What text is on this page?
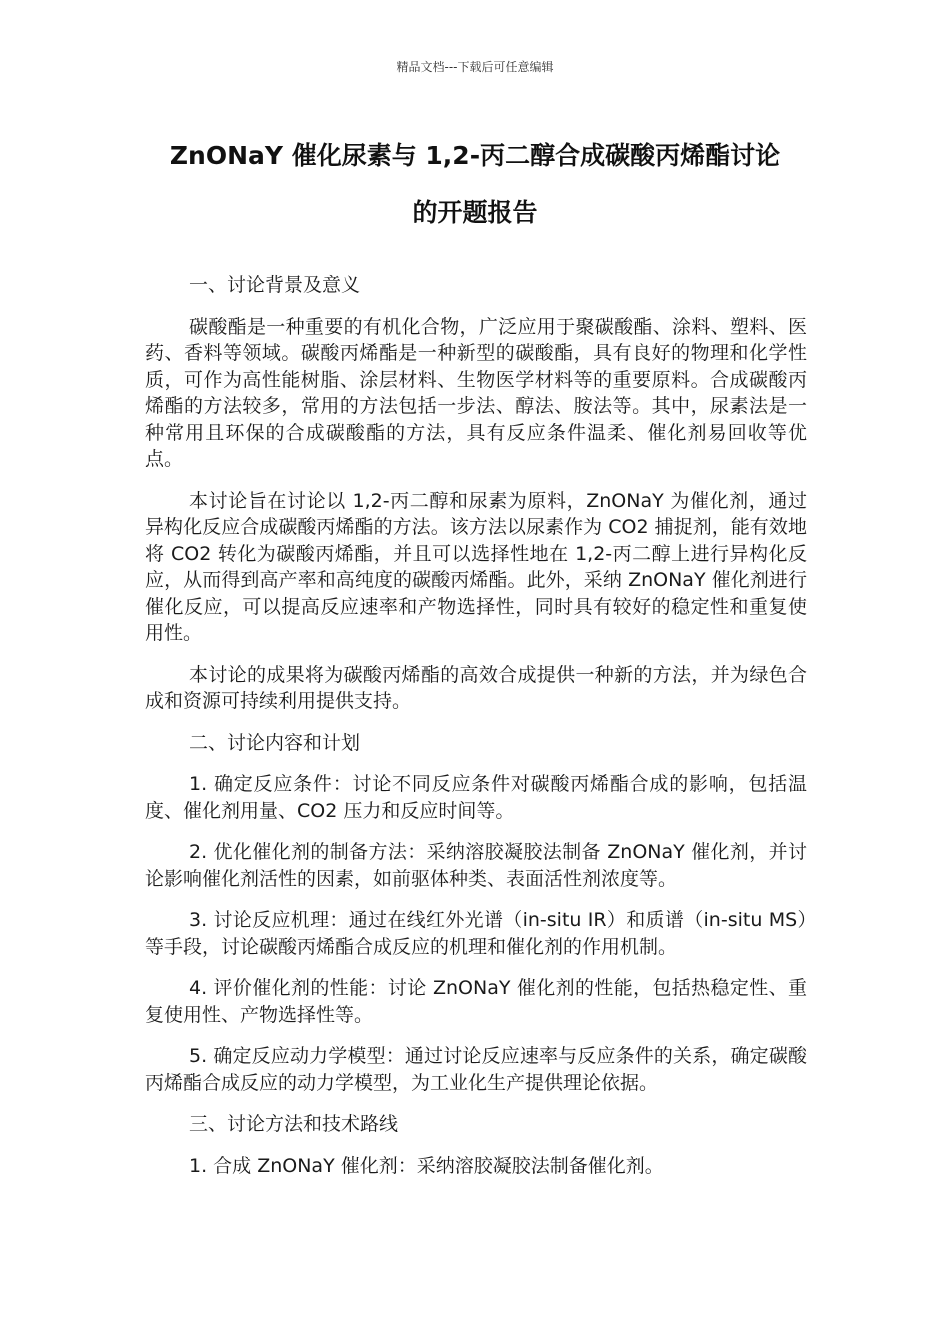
精品文档---下载后可任意编辑
ZnONaY 催化尿素与 1,2-丙二醇合成碳酸丙烯酯讨论
的开题报告

一、讨论背景及意义

碳酸酯是一种重要的有机化合物，广泛应用于聚碳酸酯、涂料、塑料、医药、香料等领域。碳酸丙烯酯是一种新型的碳酸酯，具有良好的物理和化学性质，可作为高性能树脂、涂层材料、生物医学材料等的重要原料。合成碳酸丙烯酯的方法较多，常用的方法包括一步法、醇法、胺法等。其中，尿素法是一种常用且环保的合成碳酸酯的方法，具有反应条件温柔、催化剂易回收等优点。

本讨论旨在讨论以 1,2-丙二醇和尿素为原料，ZnONaY 为催化剂，通过异构化反应合成碳酸丙烯酯的方法。该方法以尿素作为 CO2 捕捉剂，能有效地将 CO2 转化为碳酸丙烯酯，并且可以选择性地在 1,2-丙二醇上进行异构化反应，从而得到高产率和高纯度的碳酸丙烯酯。此外，采纳 ZnONaY 催化剂进行催化反应，可以提高反应速率和产物选择性，同时具有较好的稳定性和重复使用性。

本讨论的成果将为碳酸丙烯酯的高效合成提供一种新的方法，并为绿色合成和资源可持续利用提供支持。

二、讨论内容和计划

1. 确定反应条件：讨论不同反应条件对碳酸丙烯酯合成的影响，包括温度、催化剂用量、CO2 压力和反应时间等。

2. 优化催化剂的制备方法：采纳溶胶凝胶法制备 ZnONaY 催化剂，并讨论影响催化剂活性的因素，如前驱体种类、表面活性剂浓度等。

3. 讨论反应机理：通过在线红外光谱（in-situ IR）和质谱（in-situ MS）等手段，讨论碳酸丙烯酯合成反应的机理和催化剂的作用机制。

4. 评价催化剂的性能：讨论 ZnONaY 催化剂的性能，包括热稳定性、重复使用性、产物选择性等。

5. 确定反应动力学模型：通过讨论反应速率与反应条件的关系，确定碳酸丙烯酯合成反应的动力学模型，为工业化生产提供理论依据。

三、讨论方法和技术路线

1. 合成 ZnONaY 催化剂：采纳溶胶凝胶法制备催化剂。
